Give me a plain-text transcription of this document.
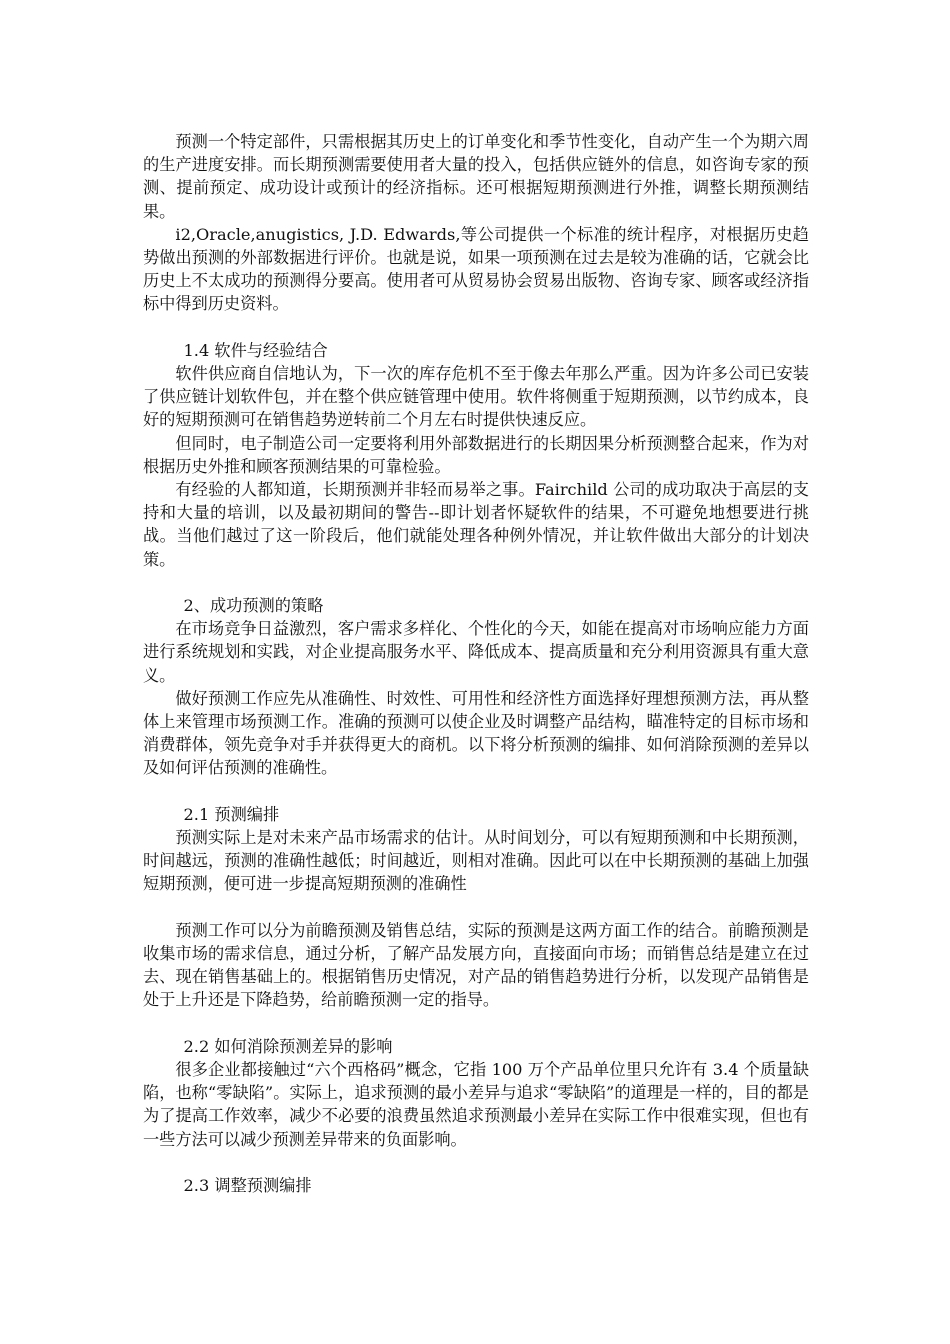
预测一个特定部件，只需根据其历史上的订单变化和季节性变化，自动产生一个为期六周的生产进度安排。而长期预测需要使用者大量的投入，包括供应链外的信息，如咨询专家的预测、提前预定、成功设计或预计的经济指标。还可根据短期预测进行外推，调整长期预测结果。

i2,Oracle,anugistics, J.D. Edwards,等公司提供一个标准的统计程序，对根据历史趋势做出预测的外部数据进行评价。也就是说，如果一项预测在过去是较为准确的话，它就会比历史上不太成功的预测得分要高。使用者可从贸易协会贸易出版物、咨询专家、顾客或经济指标中得到历史资料。

1.4 软件与经验结合

软件供应商自信地认为，下一次的库存危机不至于像去年那么严重。因为许多公司已安装了供应链计划软件包，并在整个供应链管理中使用。软件将侧重于短期预测，以节约成本，良好的短期预测可在销售趋势逆转前二个月左右时提供快速反应。

但同时，电子制造公司一定要将利用外部数据进行的长期因果分析预测整合起来，作为对根据历史外推和顾客预测结果的可靠检验。

有经验的人都知道，长期预测并非轻而易举之事。Fairchild 公司的成功取决于高层的支持和大量的培训，以及最初期间的警告--即计划者怀疑软件的结果，不可避免地想要进行挑战。当他们越过了这一阶段后，他们就能处理各种例外情况，并让软件做出大部分的计划决策。

2、成功预测的策略

在市场竞争日益激烈，客户需求多样化、个性化的今天，如能在提高对市场响应能力方面进行系统规划和实践，对企业提高服务水平、降低成本、提高质量和充分利用资源具有重大意义。

做好预测工作应先从准确性、时效性、可用性和经济性方面选择好理想预测方法，再从整体上来管理市场预测工作。准确的预测可以使企业及时调整产品结构，瞄准特定的目标市场和消费群体，领先竞争对手并获得更大的商机。以下将分析预测的编排、如何消除预测的差异以及如何评估预测的准确性。

2.1 预测编排

预测实际上是对未来产品市场需求的估计。从时间划分，可以有短期预测和中长期预测，时间越远，预测的准确性越低；时间越近，则相对准确。因此可以在中长期预测的基础上加强短期预测，便可进一步提高短期预测的准确性

预测工作可以分为前瞻预测及销售总结，实际的预测是这两方面工作的结合。前瞻预测是收集市场的需求信息，通过分析，了解产品发展方向，直接面向市场；而销售总结是建立在过去、现在销售基础上的。根据销售历史情况，对产品的销售趋势进行分析，以发现产品销售是处于上升还是下降趋势，给前瞻预测一定的指导。

2.2 如何消除预测差异的影响

很多企业都接触过“六个西格码”概念，它指 100 万个产品单位里只允许有 3.4 个质量缺陷，也称“零缺陷”。实际上，追求预测的最小差异与追求“零缺陷”的道理是一样的，目的都是为了提高工作效率，减少不必要的浪费虽然追求预测最小差异在实际工作中很难实现，但也有一些方法可以减少预测差异带来的负面影响。

2.3 调整预测编排
